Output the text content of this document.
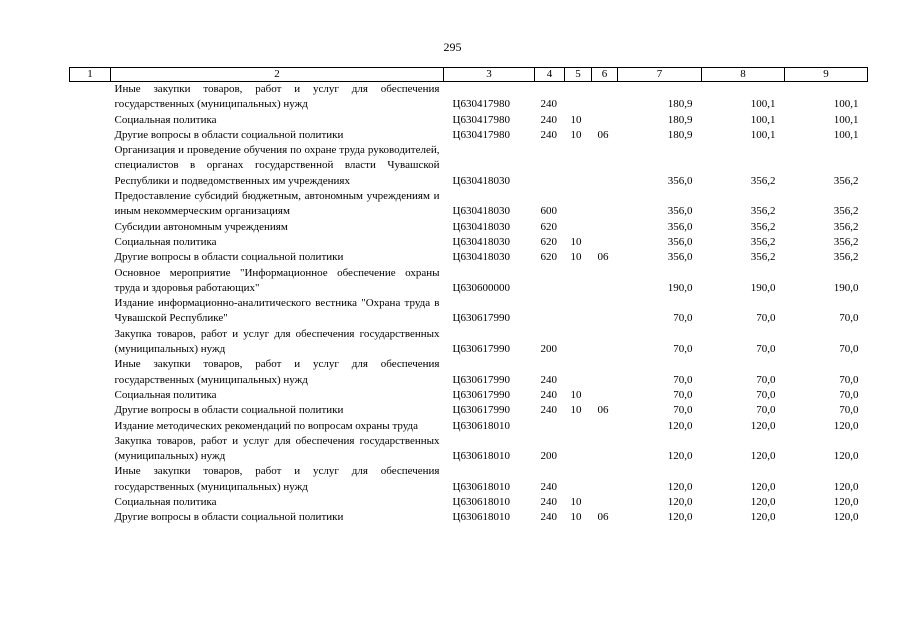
295
1	2	3	4	5	6	7	8	9
	Иные закупки товаров, работ и услуг для обеспечения государственных (муниципальных) нужд	Ц630417980	240			180,9	100,1	100,1
	Социальная политика	Ц630417980	240	10		180,9	100,1	100,1
	Другие вопросы в области социальной политики	Ц630417980	240	10	06	180,9	100,1	100,1
	Организация и проведение обучения по охране труда руководителей, специалистов в органах государственной власти Чувашской Республики и подведомственных им учреждениях	Ц630418030				356,0	356,2	356,2
	Предоставление субсидий бюджетным, автономным учреждениям и иным некоммерческим организациям	Ц630418030	600			356,0	356,2	356,2
	Субсидии автономным учреждениям	Ц630418030	620			356,0	356,2	356,2
	Социальная политика	Ц630418030	620	10		356,0	356,2	356,2
	Другие вопросы в области социальной политики	Ц630418030	620	10	06	356,0	356,2	356,2
	Основное мероприятие "Информационное обеспечение охраны труда и здоровья работающих"	Ц630600000				190,0	190,0	190,0
	Издание информационно-аналитического вестника "Охрана труда в Чувашской Республике"	Ц630617990				70,0	70,0	70,0
	Закупка товаров, работ и услуг для обеспечения государственных (муниципальных) нужд	Ц630617990	200			70,0	70,0	70,0
	Иные закупки товаров, работ и услуг для обеспечения государственных (муниципальных) нужд	Ц630617990	240			70,0	70,0	70,0
	Социальная политика	Ц630617990	240	10		70,0	70,0	70,0
	Другие вопросы в области социальной политики	Ц630617990	240	10	06	70,0	70,0	70,0
	Издание методических рекомендаций по вопросам охраны труда	Ц630618010				120,0	120,0	120,0
	Закупка товаров, работ и услуг для обеспечения государственных (муниципальных) нужд	Ц630618010	200			120,0	120,0	120,0
	Иные закупки товаров, работ и услуг для обеспечения государственных (муниципальных) нужд	Ц630618010	240			120,0	120,0	120,0
	Социальная политика	Ц630618010	240	10		120,0	120,0	120,0
	Другие вопросы в области социальной политики	Ц630618010	240	10	06	120,0	120,0	120,0
